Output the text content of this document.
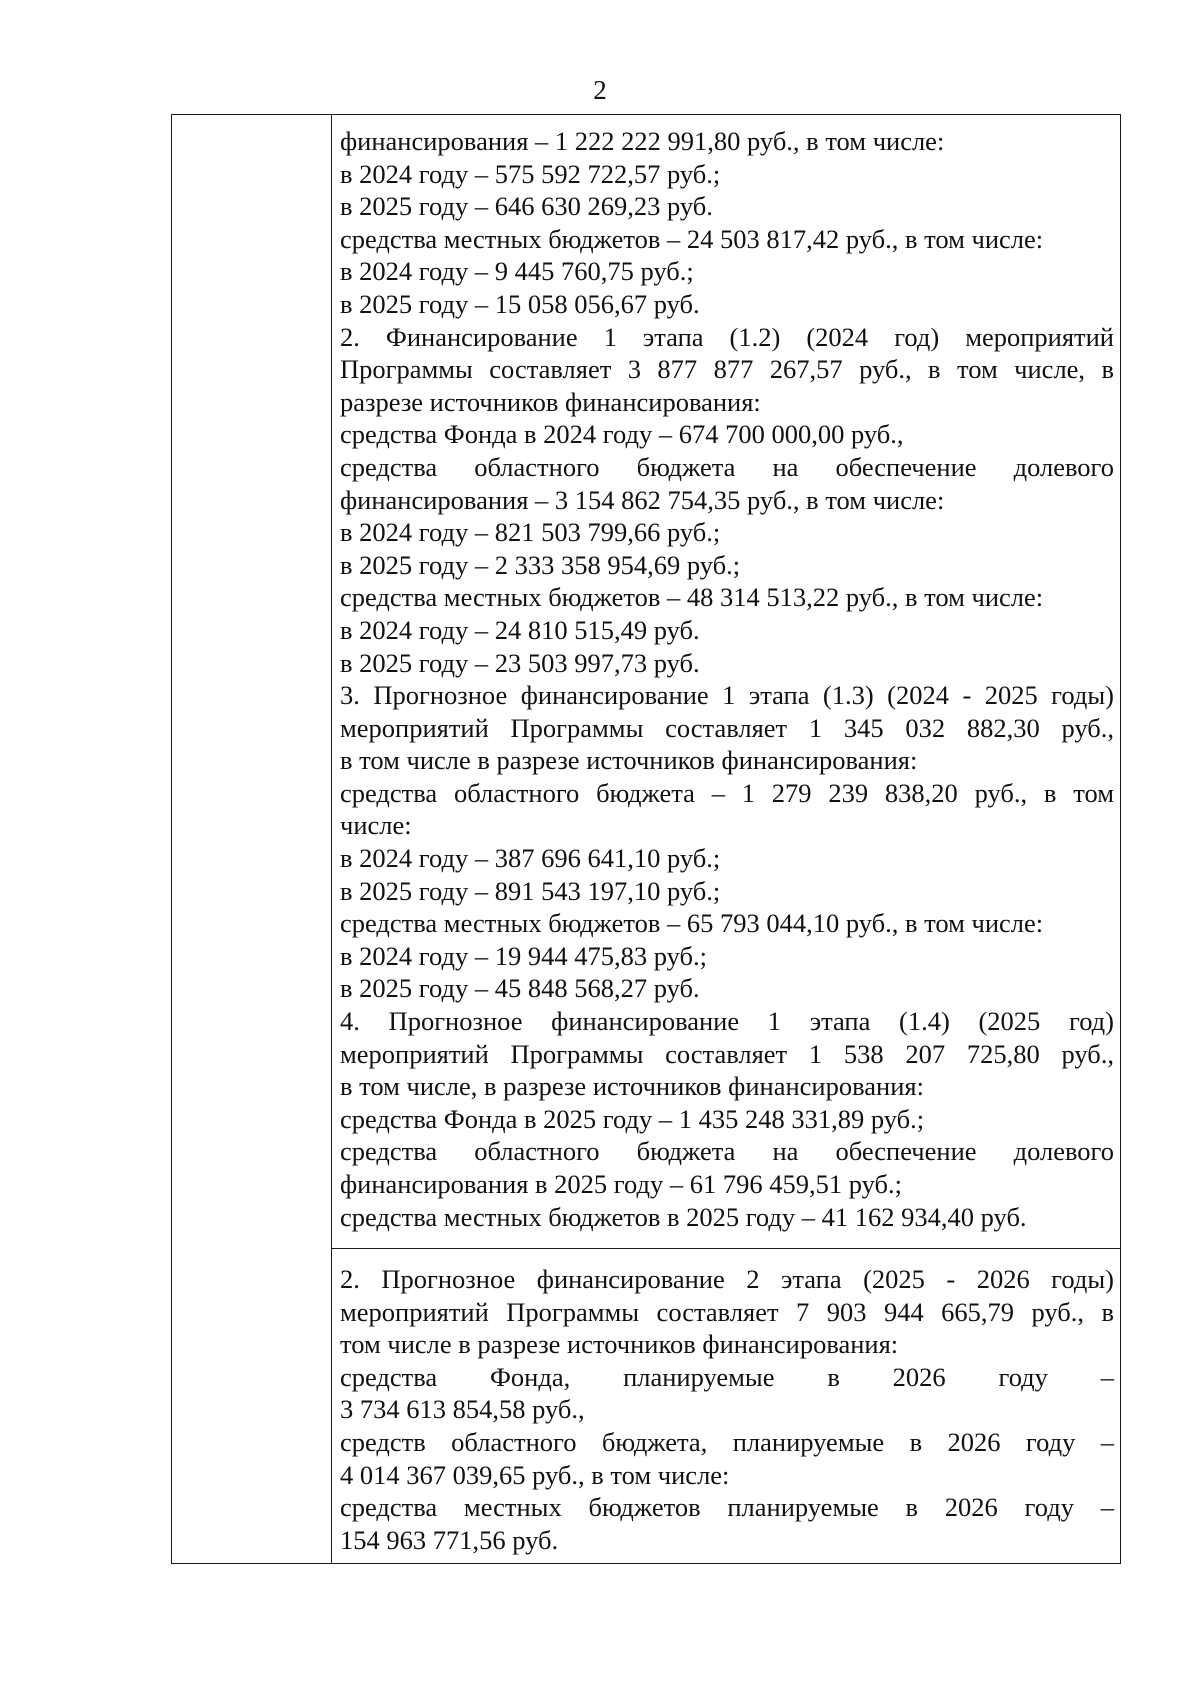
2
финансирования – 1 222 222 991,80 руб., в том числе:
в 2024 году – 575 592 722,57 руб.;
в 2025 году – 646 630 269,23 руб.
средства местных бюджетов – 24 503 817,42 руб., в том числе:
в 2024 году – 9 445 760,75 руб.;
в 2025 году – 15 058 056,67 руб.
2. Финансирование 1 этапа (1.2) (2024 год) мероприятий
Программы составляет 3 877 877 267,57 руб., в том числе, в
разрезе источников финансирования:
средства Фонда в 2024 году – 674 700 000,00 руб.,
средства областного бюджета на обеспечение долевого
финансирования – 3 154 862 754,35 руб., в том числе:
в 2024 году – 821 503 799,66 руб.;
в 2025 году – 2 333 358 954,69 руб.;
средства местных бюджетов – 48 314 513,22 руб., в том числе:
в 2024 году – 24 810 515,49 руб.
в 2025 году – 23 503 997,73 руб.
3. Прогнозное финансирование 1 этапа (1.3) (2024 - 2025 годы)
мероприятий Программы составляет 1 345 032 882,30 руб.,
в том числе в разрезе источников финансирования:
средства областного бюджета – 1 279 239 838,20 руб., в том
числе:
в 2024 году – 387 696 641,10 руб.;
в 2025 году – 891 543 197,10 руб.;
средства местных бюджетов – 65 793 044,10 руб., в том числе:
в 2024 году – 19 944 475,83 руб.;
в 2025 году – 45 848 568,27 руб.
4. Прогнозное финансирование 1 этапа (1.4) (2025 год)
мероприятий Программы составляет 1 538 207 725,80 руб.,
в том числе, в разрезе источников финансирования:
средства Фонда в 2025 году – 1 435 248 331,89 руб.;
средства областного бюджета на обеспечение долевого
финансирования в 2025 году – 61 796 459,51 руб.;
средства местных бюджетов в 2025 году – 41 162 934,40 руб.
2. Прогнозное финансирование 2 этапа (2025 - 2026 годы)
мероприятий Программы составляет 7 903 944 665,79 руб., в
том числе в разрезе источников финансирования:
средства Фонда, планируемые в 2026 году –
3 734 613 854,58 руб.,
средств областного бюджета, планируемые в 2026 году –
4 014 367 039,65 руб., в том числе:
средства местных бюджетов планируемые в 2026 году –
154 963 771,56 руб.
